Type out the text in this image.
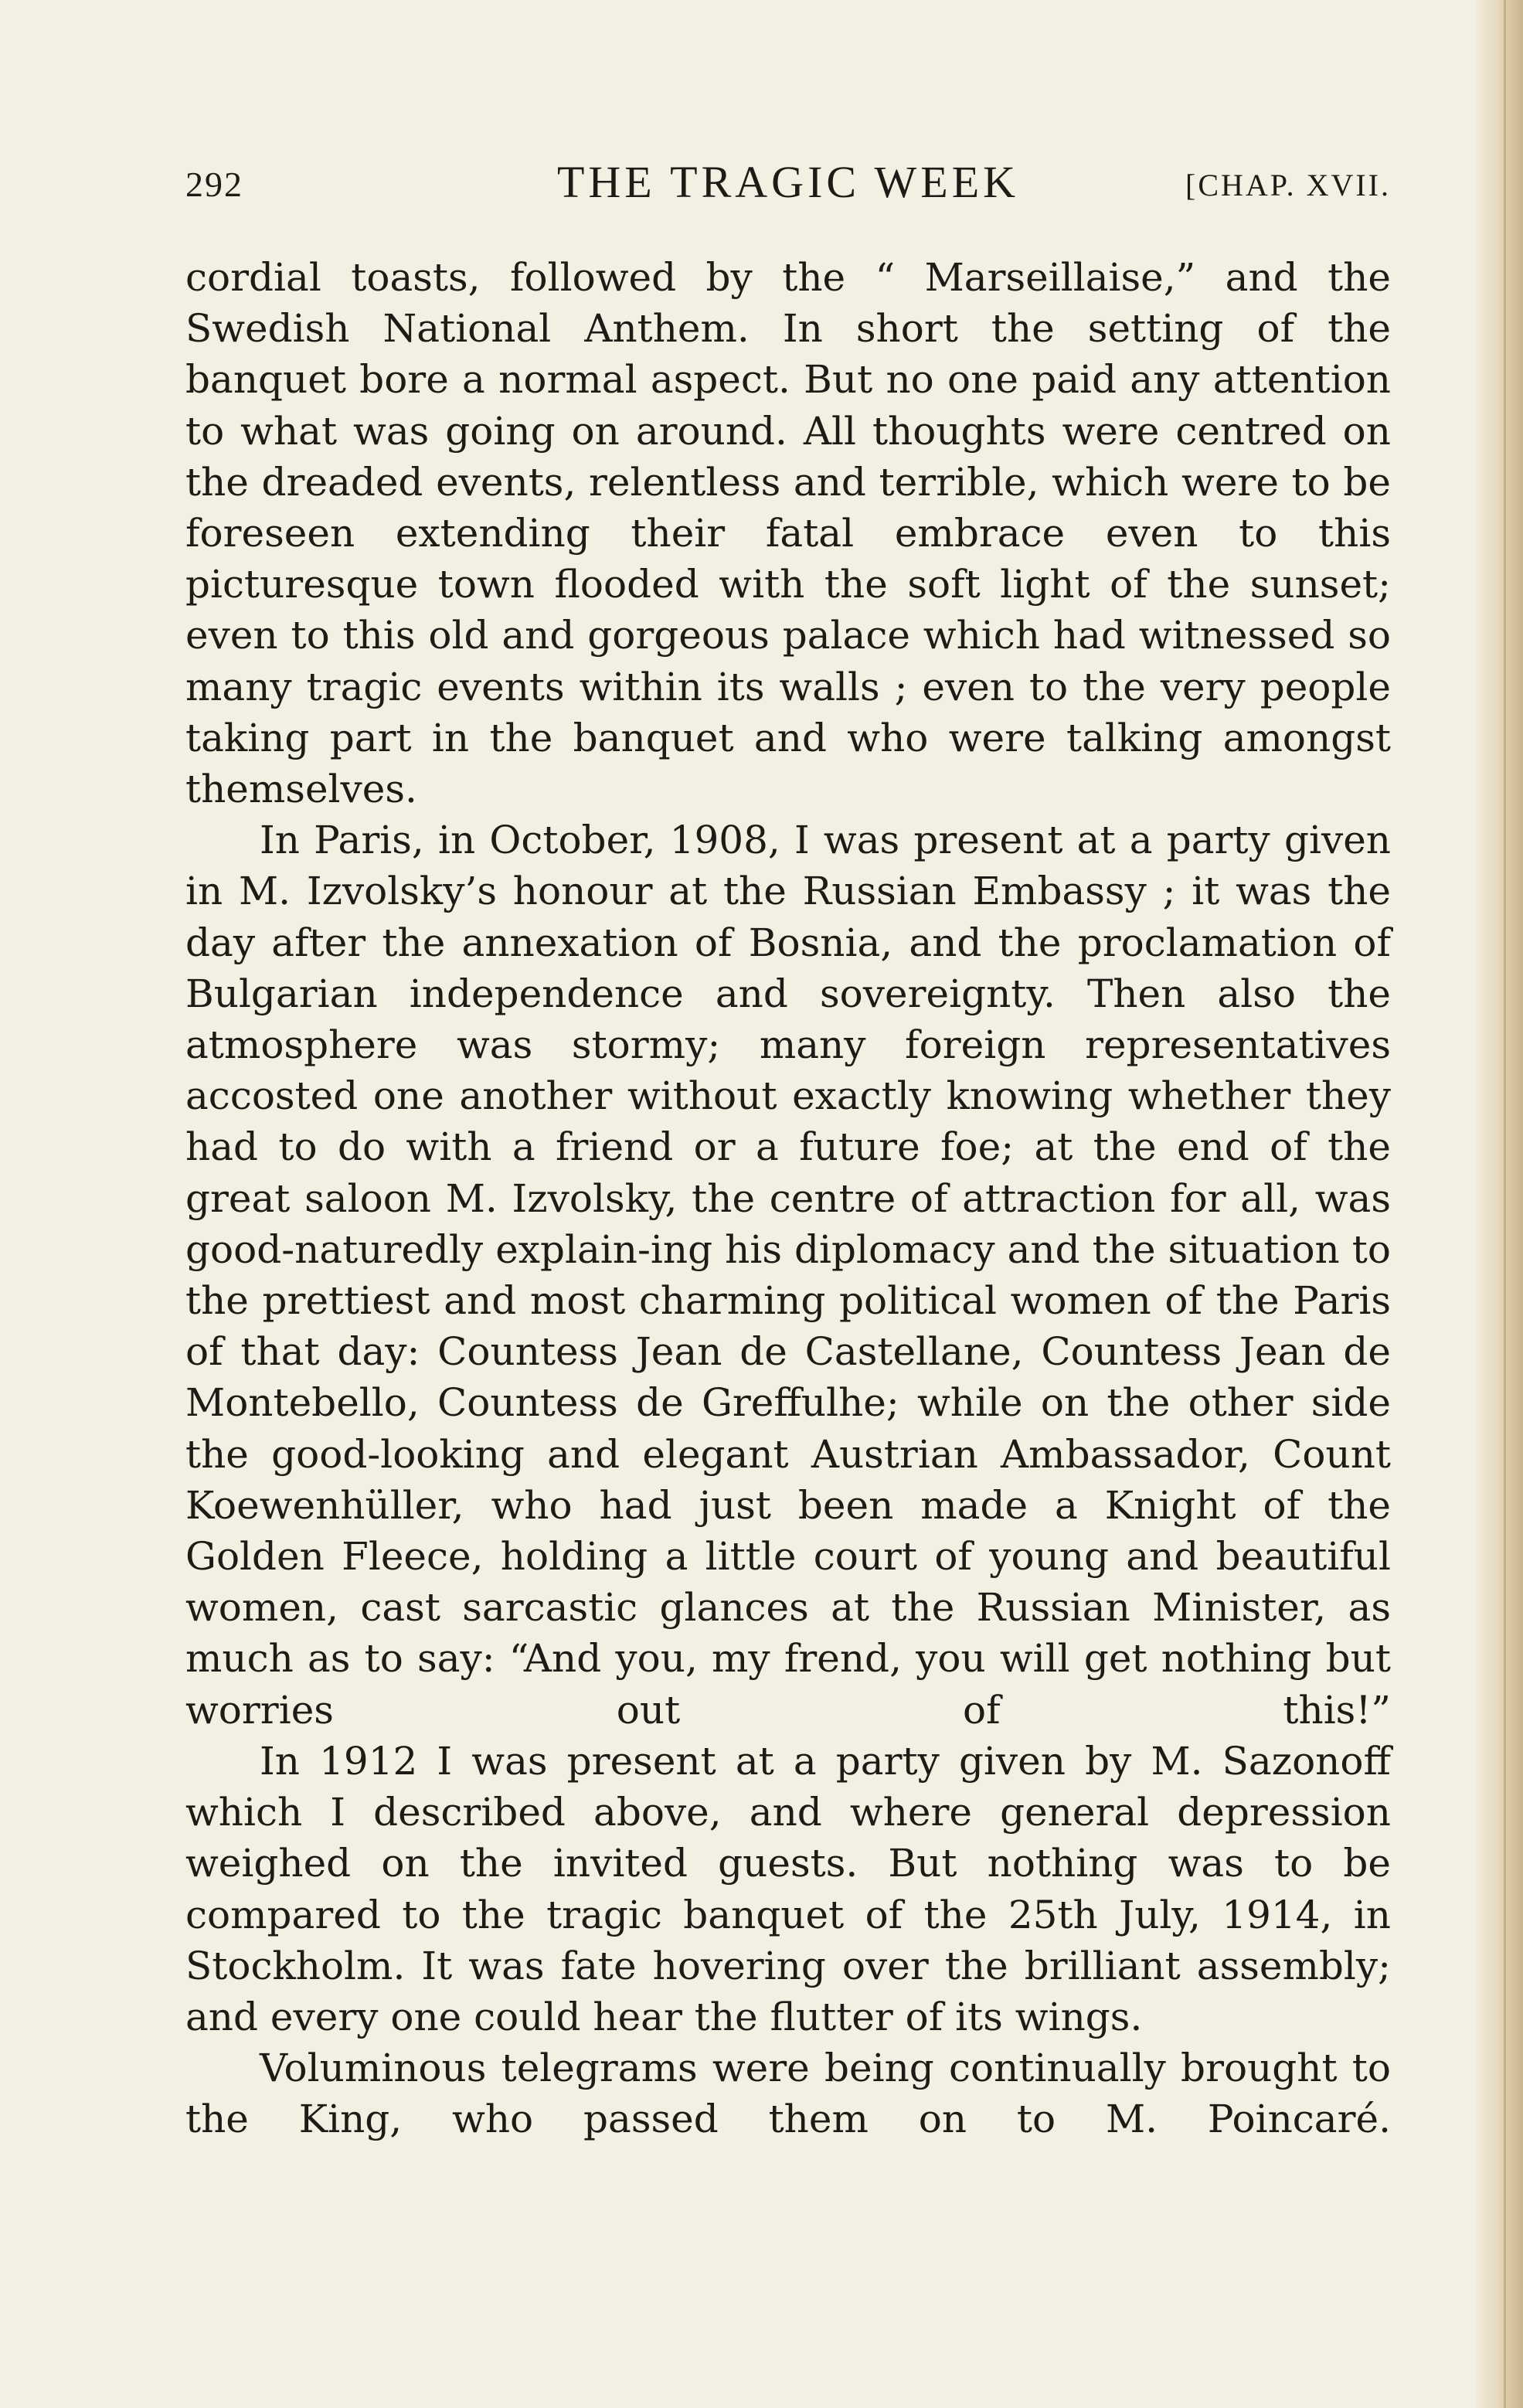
292	THE TRAGIC WEEK	[CHAP. XVII.

cordial toasts, followed by the “ Marseillaise,” and the Swedish National Anthem. In short the setting of the banquet bore a normal aspect. But no one paid any attention to what was going on around. All thoughts were centred on the dreaded events, relentless and terrible, which were to be foreseen extending their fatal embrace even to this picturesque town flooded with the soft light of the sunset; even to this old and gorgeous palace which had witnessed so many tragic events within its walls ; even to the very people taking part in the banquet and who were talking amongst themselves.

In Paris, in October, 1908, I was present at a party given in M. Izvolsky’s honour at the Russian Embassy ; it was the day after the annexation of Bosnia, and the proclamation of Bulgarian independence and sovereignty. Then also the atmosphere was stormy; many foreign representatives accosted one another without exactly knowing whether they had to do with a friend or a future foe; at the end of the great saloon M. Izvolsky, the centre of attraction for all, was good-naturedly explain-ing his diplomacy and the situation to the prettiest and most charming political women of the Paris of that day: Countess Jean de Castellane, Countess Jean de Montebello, Countess de Greffulhe; while on the other side the good-looking and elegant Austrian Ambassador, Count Koewenhüller, who had just been made a Knight of the Golden Fleece, holding a little court of young and beautiful women, cast sarcastic glances at the Russian Minister, as much as to say: “And you, my frend, you will get nothing but worries out of this!”

In 1912 I was present at a party given by M. Sazonoff which I described above, and where general depression weighed on the invited guests. But nothing was to be compared to the tragic banquet of the 25th July, 1914, in Stockholm. It was fate hovering over the brilliant assembly; and every one could hear the flutter of its wings.

Voluminous telegrams were being continually brought to the King, who passed them on to M. Poincaré.
